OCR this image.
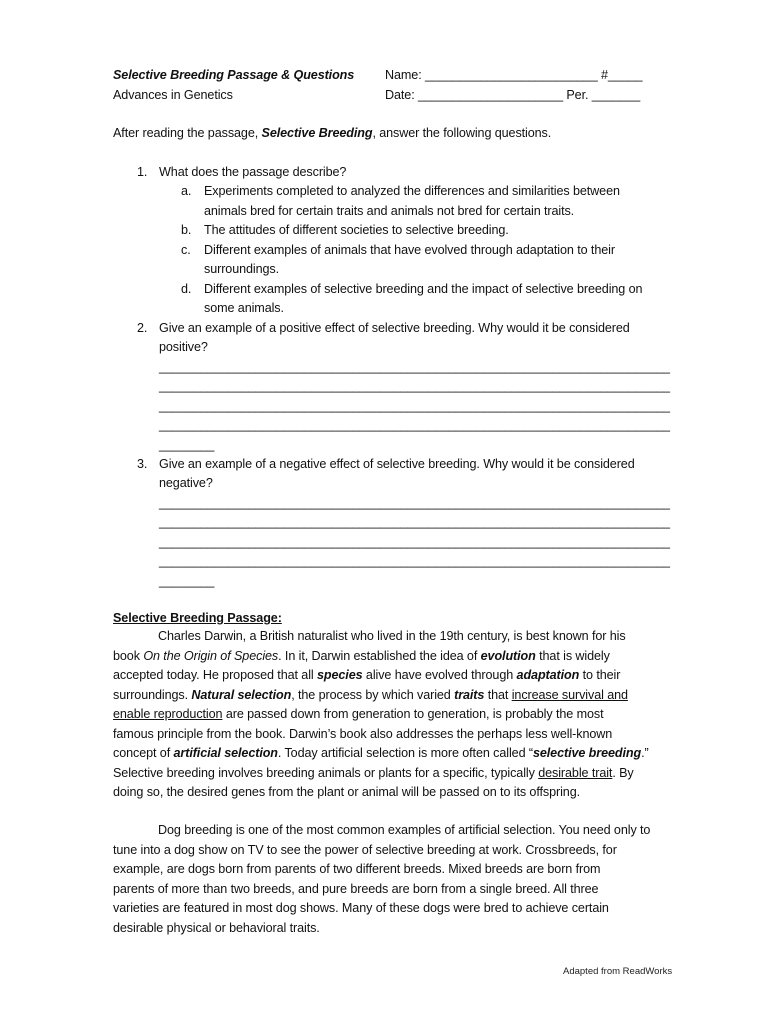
Selective Breeding Passage & Questions
Advances in Genetics
Name: _________________________ #_____
Date: _____________________ Per. _______
After reading the passage, Selective Breeding, answer the following questions.
1. What does the passage describe?
a. Experiments completed to analyzed the differences and similarities between
animals bred for certain traits and animals not bred for certain traits.
b. The attitudes of different societies to selective breeding.
c. Different examples of animals that have evolved through adaptation to their
surroundings.
d. Different examples of selective breeding and the impact of selective breeding on
some animals.
2. Give an example of a positive effect of selective breeding. Why would it be considered
positive?
__________________________________________________________________________
__________________________________________________________________________
__________________________________________________________________________
__________________________________________________________________________
________
3. Give an example of a negative effect of selective breeding. Why would it be considered
negative?
__________________________________________________________________________
__________________________________________________________________________
__________________________________________________________________________
__________________________________________________________________________
________
Selective Breeding Passage:
Charles Darwin, a British naturalist who lived in the 19th century, is best known for his
book On the Origin of Species. In it, Darwin established the idea of evolution that is widely
accepted today. He proposed that all species alive have evolved through adaptation to their
surroundings. Natural selection, the process by which varied traits that increase survival and
enable reproduction are passed down from generation to generation, is probably the most
famous principle from the book. Darwin’s book also addresses the perhaps less well-known
concept of artificial selection. Today artificial selection is more often called “selective breeding.”
Selective breeding involves breeding animals or plants for a specific, typically desirable trait. By
doing so, the desired genes from the plant or animal will be passed on to its offspring.
Dog breeding is one of the most common examples of artificial selection. You need only to
tune into a dog show on TV to see the power of selective breeding at work. Crossbreeds, for
example, are dogs born from parents of two different breeds. Mixed breeds are born from
parents of more than two breeds, and pure breeds are born from a single breed. All three
varieties are featured in most dog shows. Many of these dogs were bred to achieve certain
desirable physical or behavioral traits.
Adapted from ReadWorks
